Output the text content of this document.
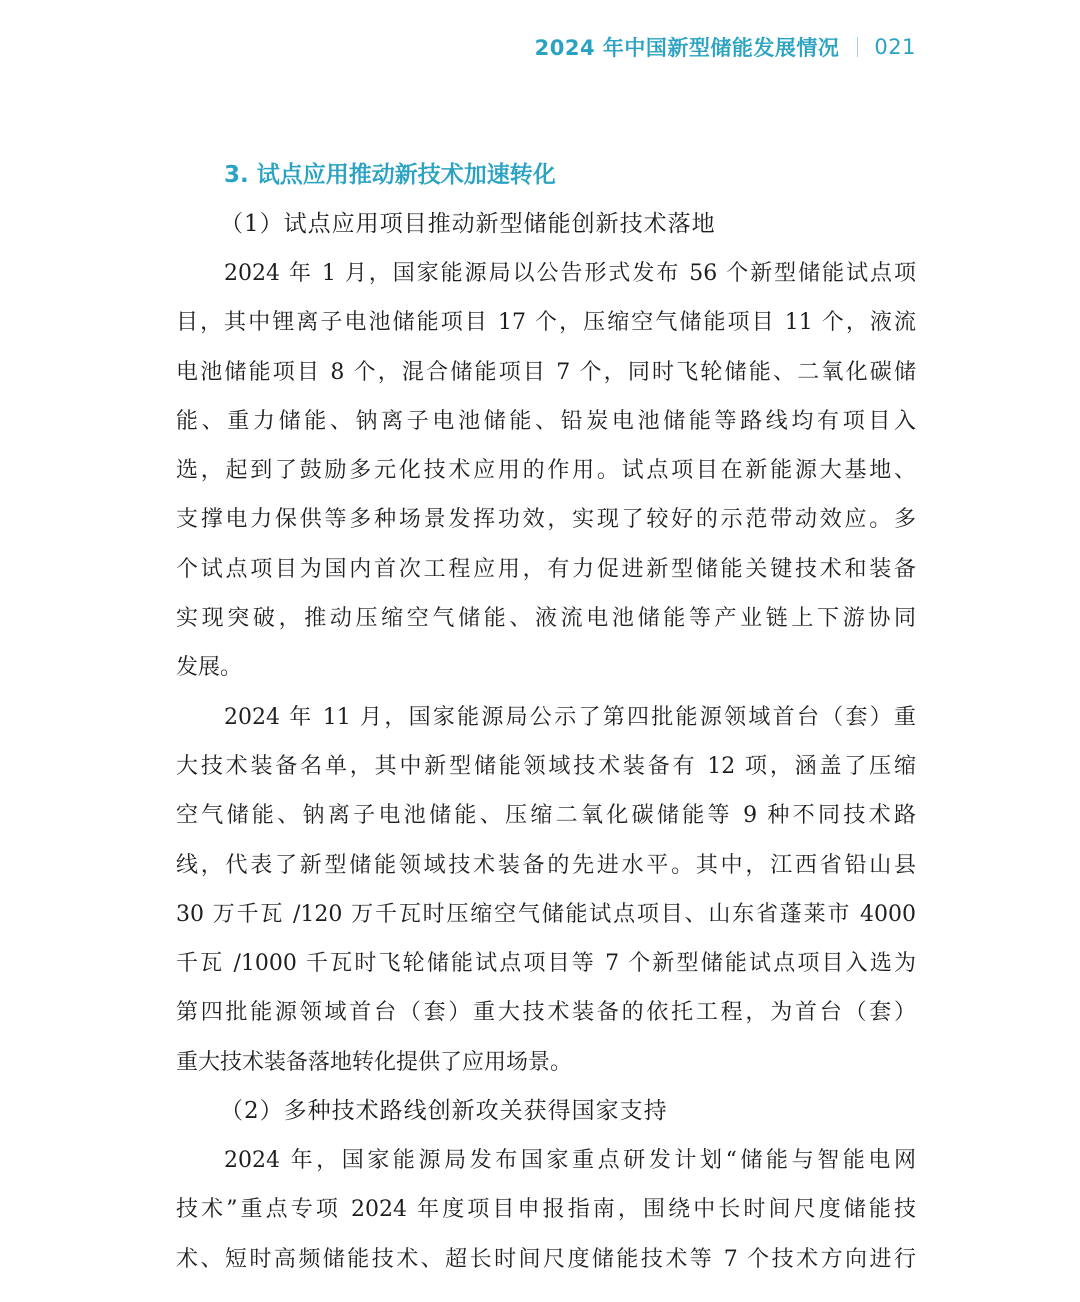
2024 年中国新型储能发展情况 021
3. 试点应用推动新技术加速转化
（1）试点应用项目推动新型储能创新技术落地
2024 年 1 月，国家能源局以公告形式发布 56 个新型储能试点项
目，其中锂离子电池储能项目 17 个，压缩空气储能项目 11 个，液流
电池储能项目 8 个，混合储能项目 7 个，同时飞轮储能、二氧化碳储
能、重力储能、钠离子电池储能、铅炭电池储能等路线均有项目入
选，起到了鼓励多元化技术应用的作用。试点项目在新能源大基地、
支撑电力保供等多种场景发挥功效，实现了较好的示范带动效应。多
个试点项目为国内首次工程应用，有力促进新型储能关键技术和装备
实现突破，推动压缩空气储能、液流电池储能等产业链上下游协同
发展。
2024 年 11 月，国家能源局公示了第四批能源领域首台（套）重
大技术装备名单，其中新型储能领域技术装备有 12 项，涵盖了压缩
空气储能、钠离子电池储能、压缩二氧化碳储能等 9 种不同技术路
线，代表了新型储能领域技术装备的先进水平。其中，江西省铅山县
30 万千瓦 /120 万千瓦时压缩空气储能试点项目、山东省蓬莱市 4000
千瓦 /1000 千瓦时飞轮储能试点项目等 7 个新型储能试点项目入选为
第四批能源领域首台（套）重大技术装备的依托工程，为首台（套）
重大技术装备落地转化提供了应用场景。
（2）多种技术路线创新攻关获得国家支持
2024 年，国家能源局发布国家重点研发计划“储能与智能电网
技术”重点专项 2024 年度项目申报指南，围绕中长时间尺度储能技
术、短时高频储能技术、超长时间尺度储能技术等 7 个技术方向进行
